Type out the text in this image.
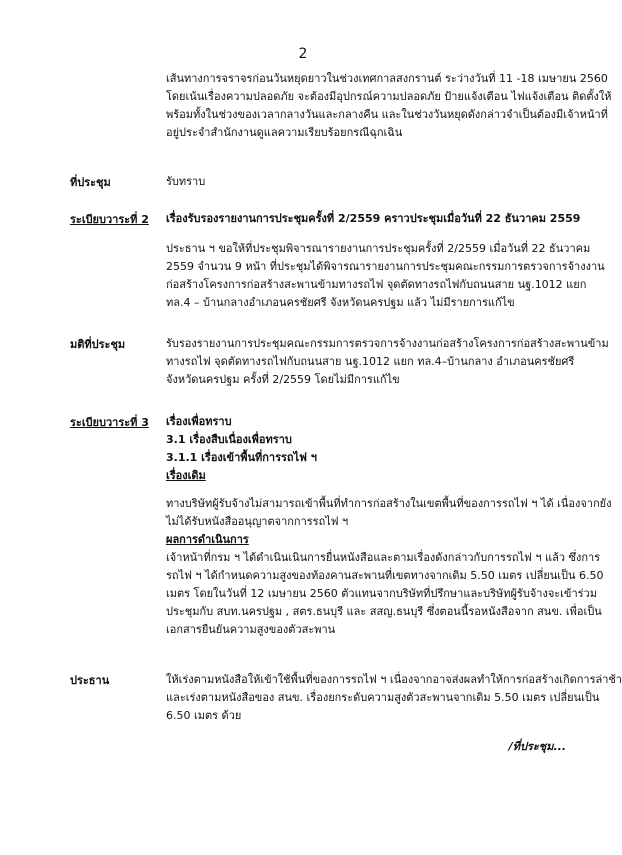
2
เส้นทางการจราจรก่อนวันหยุดยาวในช่วงเทศกาลสงกรานต์ ระว่างวันที่ 11 -18 เมษายน 2560
โดยเน้นเรื่องความปลอดภัย จะต้องมีอุปกรณ์ความปลอดภัย ป้ายแจ้งเตือน ไฟแจ้งเตือน ติดตั้งให้
พร้อมทั้งในช่วงของเวลากลางวันและกลางคืน และในช่วงวันหยุดดังกล่าวจำเป็นต้องมีเจ้าหน้าที่
อยู่ประจำสำนักงานดูแลความเรียบร้อยกรณีฉุกเฉิน
ที่ประชุม	รับทราบ
ระเบียบวาระที่ 2	เรื่องรับรองรายงานการประชุมครั้งที่ 2/2559 คราวประชุมเมื่อวันที่ 22 ธันวาคม 2559
ประธาน ฯ ขอให้ที่ประชุมพิจารณารายงานการประชุมครั้งที่ 2/2559 เมื่อวันที่ 22 ธันวาคม
2559 จำนวน 9 หน้า ที่ประชุมได้พิจารณารายงานการประชุมคณะกรรมการตรวจการจ้างงาน
ก่อสร้างโครงการก่อสร้างสะพานข้ามทางรถไฟ จุดตัดทางรถไฟกับถนนสาย นฐ.1012 แยก
ทล.4 – บ้านกลางอำเภอนครชัยศรี จังหวัดนครปฐม แล้ว ไม่มีรายการแก้ไข
มติที่ประชุม	รับรองรายงานการประชุมคณะกรรมการตรวจการจ้างงานก่อสร้างโครงการก่อสร้างสะพานข้าม
ทางรถไฟ จุดตัดทางรถไฟกับถนนสาย นฐ.1012 แยก ทล.4–บ้านกลาง อำเภอนครชัยศรี
จังหวัดนครปฐม ครั้งที่ 2/2559 โดยไม่มีการแก้ไข
ระเบียบวาระที่ 3	เรื่องเพื่อทราบ
3.1 เรื่องสืบเนื่องเพื่อทราบ
3.1.1 เรื่องเข้าพื้นที่การรถไฟ ฯ
เรื่องเดิม
ทางบริษัทผู้รับจ้างไม่สามารถเข้าพื้นที่ทำการก่อสร้างในเขตพื้นที่ของการรถไฟ ฯ ได้ เนื่องจากยัง
ไม่ได้รับหนังสืออนุญาตจากการรถไฟ ฯ
ผลการดำเนินการ
เจ้าหน้าที่กรม ฯ ได้ดำเนินเนินการยื่นหนังสือและตามเรื่องดังกล่าวกับการรถไฟ ฯ แล้ว ซึ่งการ
รถไฟ ฯ ได้กำหนดความสูงของท้องคานสะพานที่เขตทางจากเดิม 5.50 เมตร เปลี่ยนเป็น 6.50
เมตร โดยในวันที่ 12 เมษายน 2560 ตัวแทนจากบริษัทที่ปรึกษาและบริษัทผู้รับจ้างจะเข้าร่วม
ประชุมกับ สบท.นครปฐม , สตร.ธนบุรี และ สสญ.ธนบุรี ซึ่งตอนนี้รอหนังสือจาก สนข. เพื่อเป็น
เอกสารยืนยันความสูงของตัวสะพาน
ประธาน	ให้เร่งตามหนังสือให้เข้าใช้พื้นที่ของการรถไฟ ฯ เนื่องจากอาจส่งผลทำให้การก่อสร้างเกิดการล่าช้า
และเร่งตามหนังสือของ สนข. เรื่องยกระดับความสูงตัวสะพานจากเดิม 5.50 เมตร เปลี่ยนเป็น
6.50 เมตร ด้วย
/ที่ประชุม...
